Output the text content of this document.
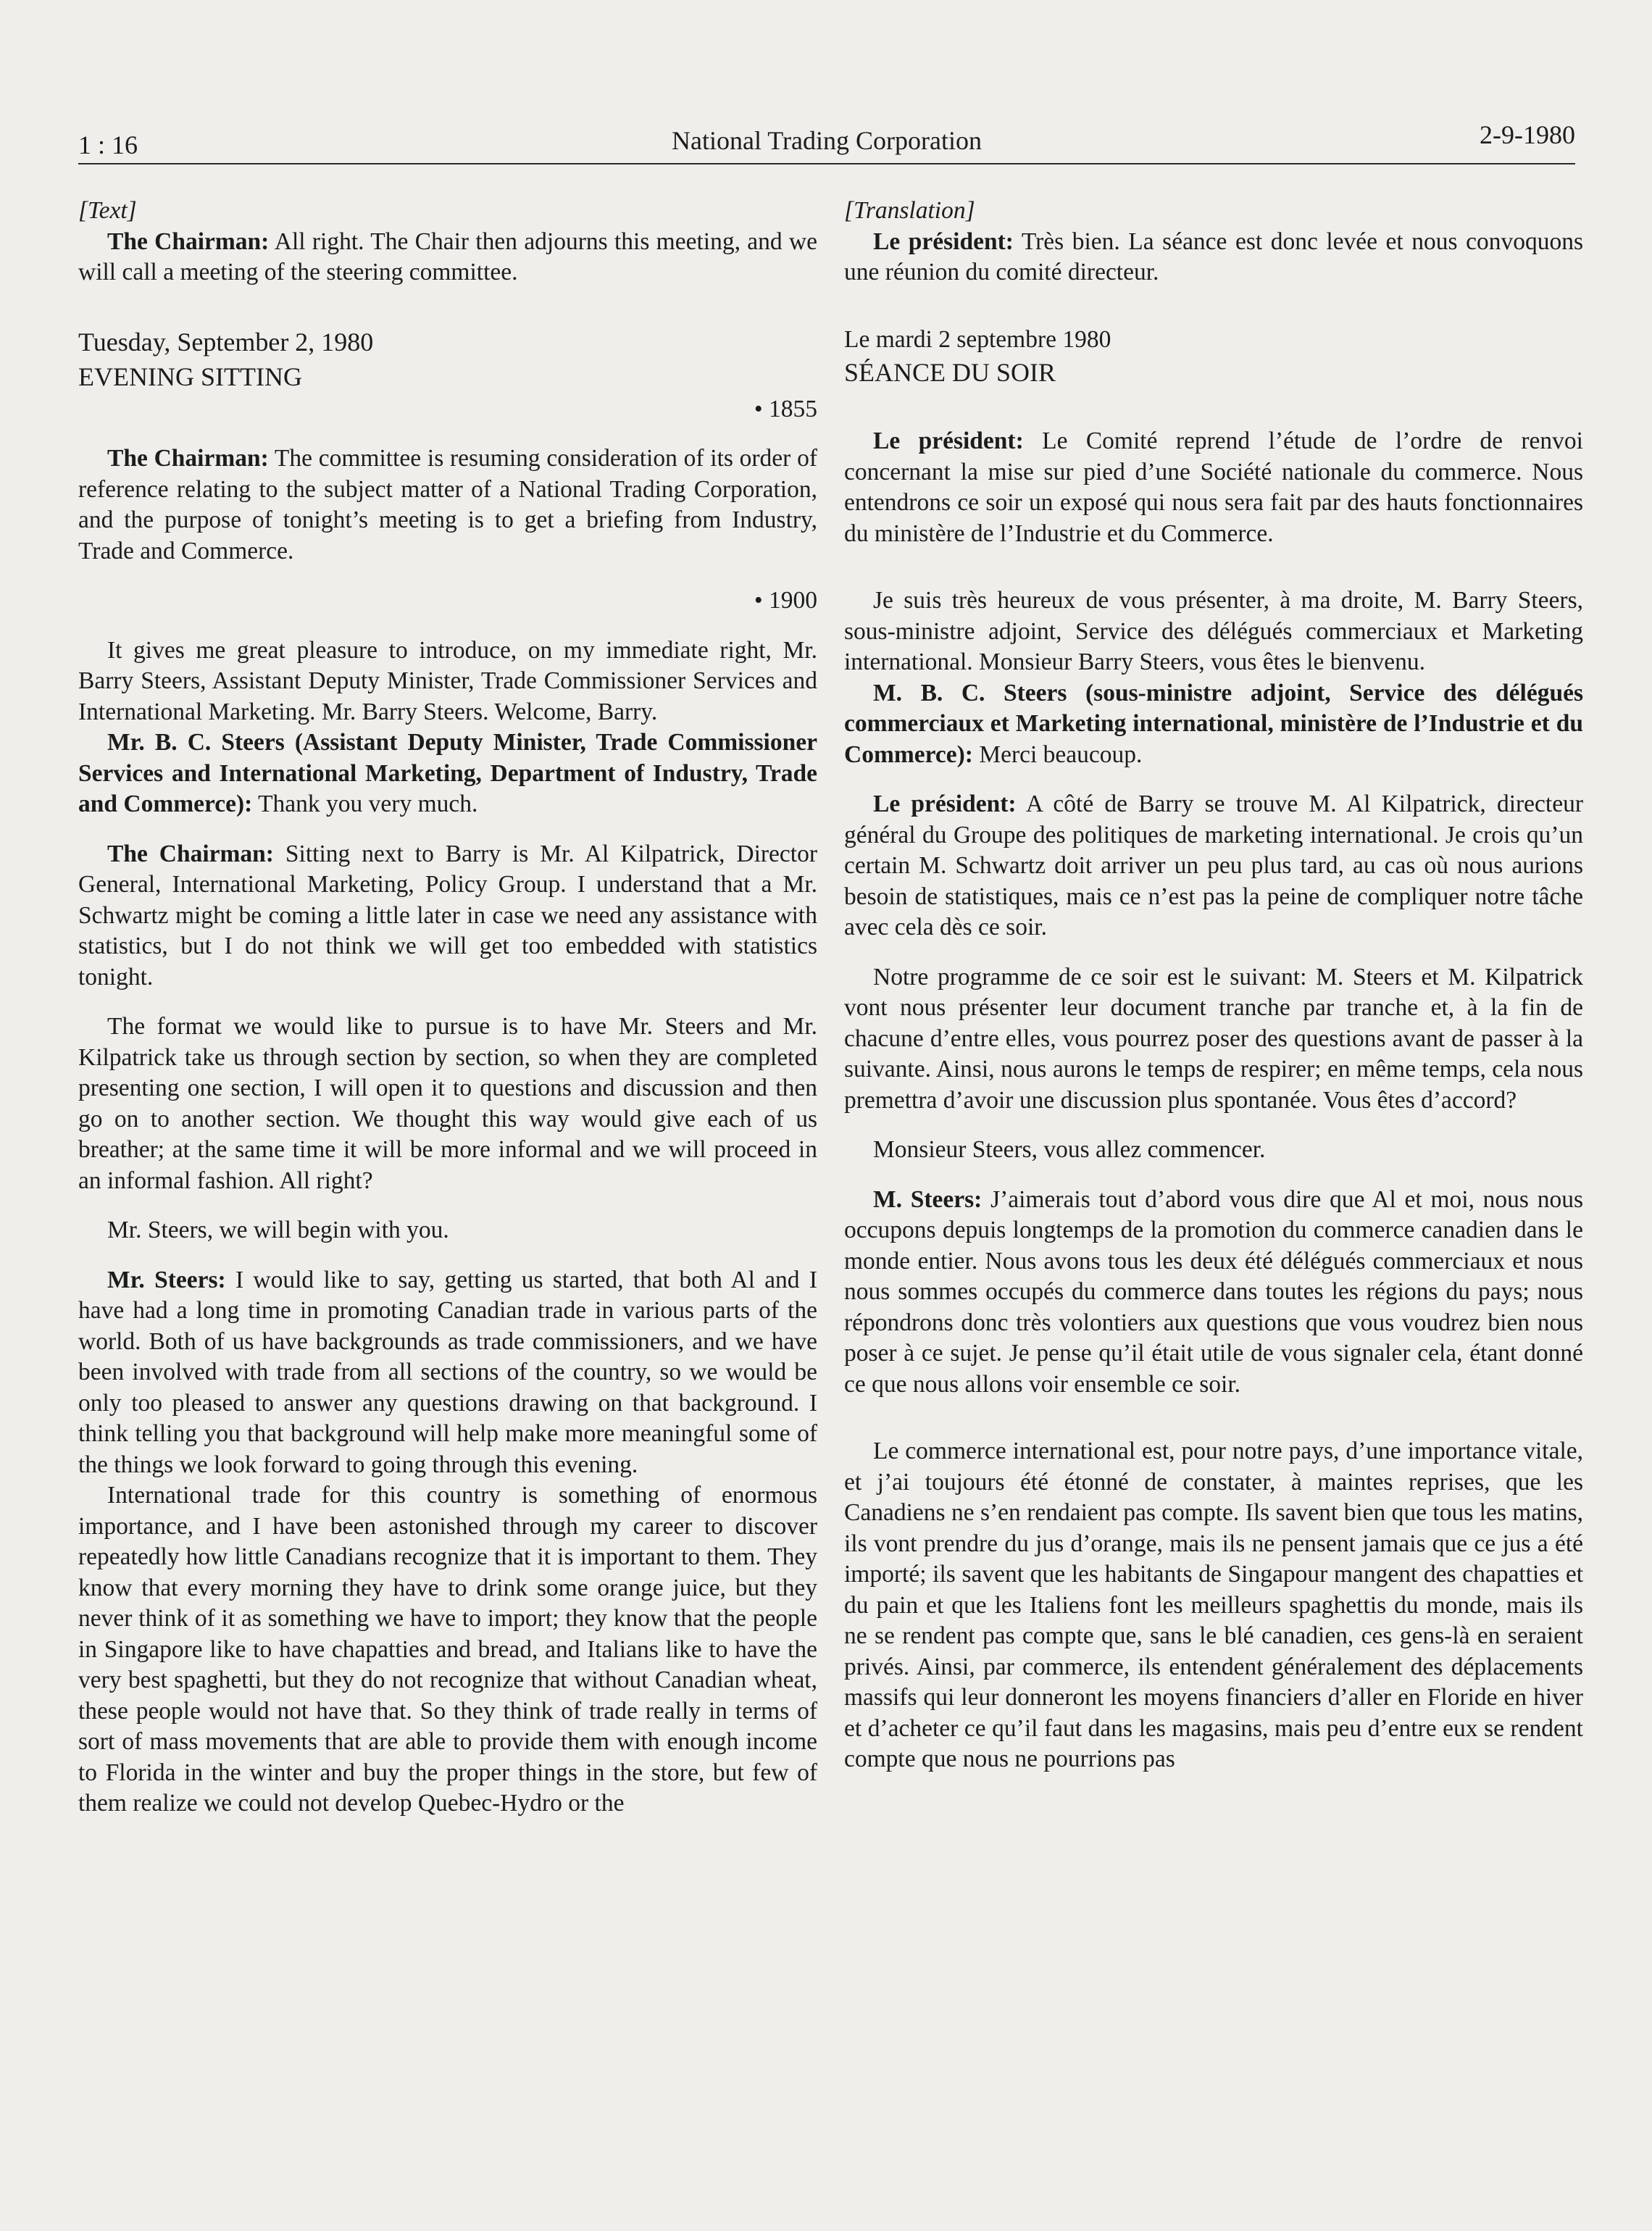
1 : 16	National Trading Corporation	2-9-1980

[Text]

The Chairman: All right. The Chair then adjourns this meeting, and we will call a meeting of the steering committee.

Tuesday, September 2, 1980

EVENING SITTING

• 1855

The Chairman: The committee is resuming consideration of its order of reference relating to the subject matter of a National Trading Corporation, and the purpose of tonight’s meeting is to get a briefing from Industry, Trade and Commerce.

• 1900

It gives me great pleasure to introduce, on my immediate right, Mr. Barry Steers, Assistant Deputy Minister, Trade Commissioner Services and International Marketing. Mr. Barry Steers. Welcome, Barry.

Mr. B. C. Steers (Assistant Deputy Minister, Trade Commissioner Services and International Marketing, Department of Industry, Trade and Commerce): Thank you very much.

The Chairman: Sitting next to Barry is Mr. Al Kilpatrick, Director General, International Marketing, Policy Group. I understand that a Mr. Schwartz might be coming a little later in case we need any assistance with statistics, but I do not think we will get too embedded with statistics tonight.

The format we would like to pursue is to have Mr. Steers and Mr. Kilpatrick take us through section by section, so when they are completed presenting one section, I will open it to questions and discussion and then go on to another section. We thought this way would give each of us breather; at the same time it will be more informal and we will proceed in an informal fashion. All right?

Mr. Steers, we will begin with you.

Mr. Steers: I would like to say, getting us started, that both Al and I have had a long time in promoting Canadian trade in various parts of the world. Both of us have backgrounds as trade commissioners, and we have been involved with trade from all sections of the country, so we would be only too pleased to answer any questions drawing on that background. I think telling you that background will help make more meaningful some of the things we look forward to going through this evening.

International trade for this country is something of enormous importance, and I have been astonished through my career to discover repeatedly how little Canadians recognize that it is important to them. They know that every morning they have to drink some orange juice, but they never think of it as something we have to import; they know that the people in Singapore like to have chapatties and bread, and Italians like to have the very best spaghetti, but they do not recognize that without Canadian wheat, these people would not have that. So they think of trade really in terms of sort of mass movements that are able to provide them with enough income to Florida in the winter and buy the proper things in the store, but few of them realize we could not develop Quebec-Hydro or the

[Translation]

Le président: Très bien. La séance est donc levée et nous convoquons une réunion du comité directeur.

Le mardi 2 septembre 1980

SÉANCE DU SOIR

Le président: Le Comité reprend l’étude de l’ordre de renvoi concernant la mise sur pied d’une Société nationale du commerce. Nous entendrons ce soir un exposé qui nous sera fait par des hauts fonctionnaires du ministère de l’Industrie et du Commerce.

Je suis très heureux de vous présenter, à ma droite, M. Barry Steers, sous-ministre adjoint, Service des délégués commerciaux et Marketing international. Monsieur Barry Steers, vous êtes le bienvenu.

M. B. C. Steers (sous-ministre adjoint, Service des délégués commerciaux et Marketing international, ministère de l’Industrie et du Commerce): Merci beaucoup.

Le président: A côté de Barry se trouve M. Al Kilpatrick, directeur général du Groupe des politiques de marketing international. Je crois qu’un certain M. Schwartz doit arriver un peu plus tard, au cas où nous aurions besoin de statistiques, mais ce n’est pas la peine de compliquer notre tâche avec cela dès ce soir.

Notre programme de ce soir est le suivant: M. Steers et M. Kilpatrick vont nous présenter leur document tranche par tranche et, à la fin de chacune d’entre elles, vous pourrez poser des questions avant de passer à la suivante. Ainsi, nous aurons le temps de respirer; en même temps, cela nous premettra d’avoir une discussion plus spontanée. Vous êtes d’accord?

Monsieur Steers, vous allez commencer.

M. Steers: J’aimerais tout d’abord vous dire que Al et moi, nous nous occupons depuis longtemps de la promotion du commerce canadien dans le monde entier. Nous avons tous les deux été délégués commerciaux et nous nous sommes occupés du commerce dans toutes les régions du pays; nous répondrons donc très volontiers aux questions que vous voudrez bien nous poser à ce sujet. Je pense qu’il était utile de vous signaler cela, étant donné ce que nous allons voir ensemble ce soir.

Le commerce international est, pour notre pays, d’une importance vitale, et j’ai toujours été étonné de constater, à maintes reprises, que les Canadiens ne s’en rendaient pas compte. Ils savent bien que tous les matins, ils vont prendre du jus d’orange, mais ils ne pensent jamais que ce jus a été importé; ils savent que les habitants de Singapour mangent des chapatties et du pain et que les Italiens font les meilleurs spaghettis du monde, mais ils ne se rendent pas compte que, sans le blé canadien, ces gens-là en seraient privés. Ainsi, par commerce, ils entendent généralement des déplacements massifs qui leur donneront les moyens financiers d’aller en Floride en hiver et d’acheter ce qu’il faut dans les magasins, mais peu d’entre eux se rendent compte que nous ne pourrions pas
